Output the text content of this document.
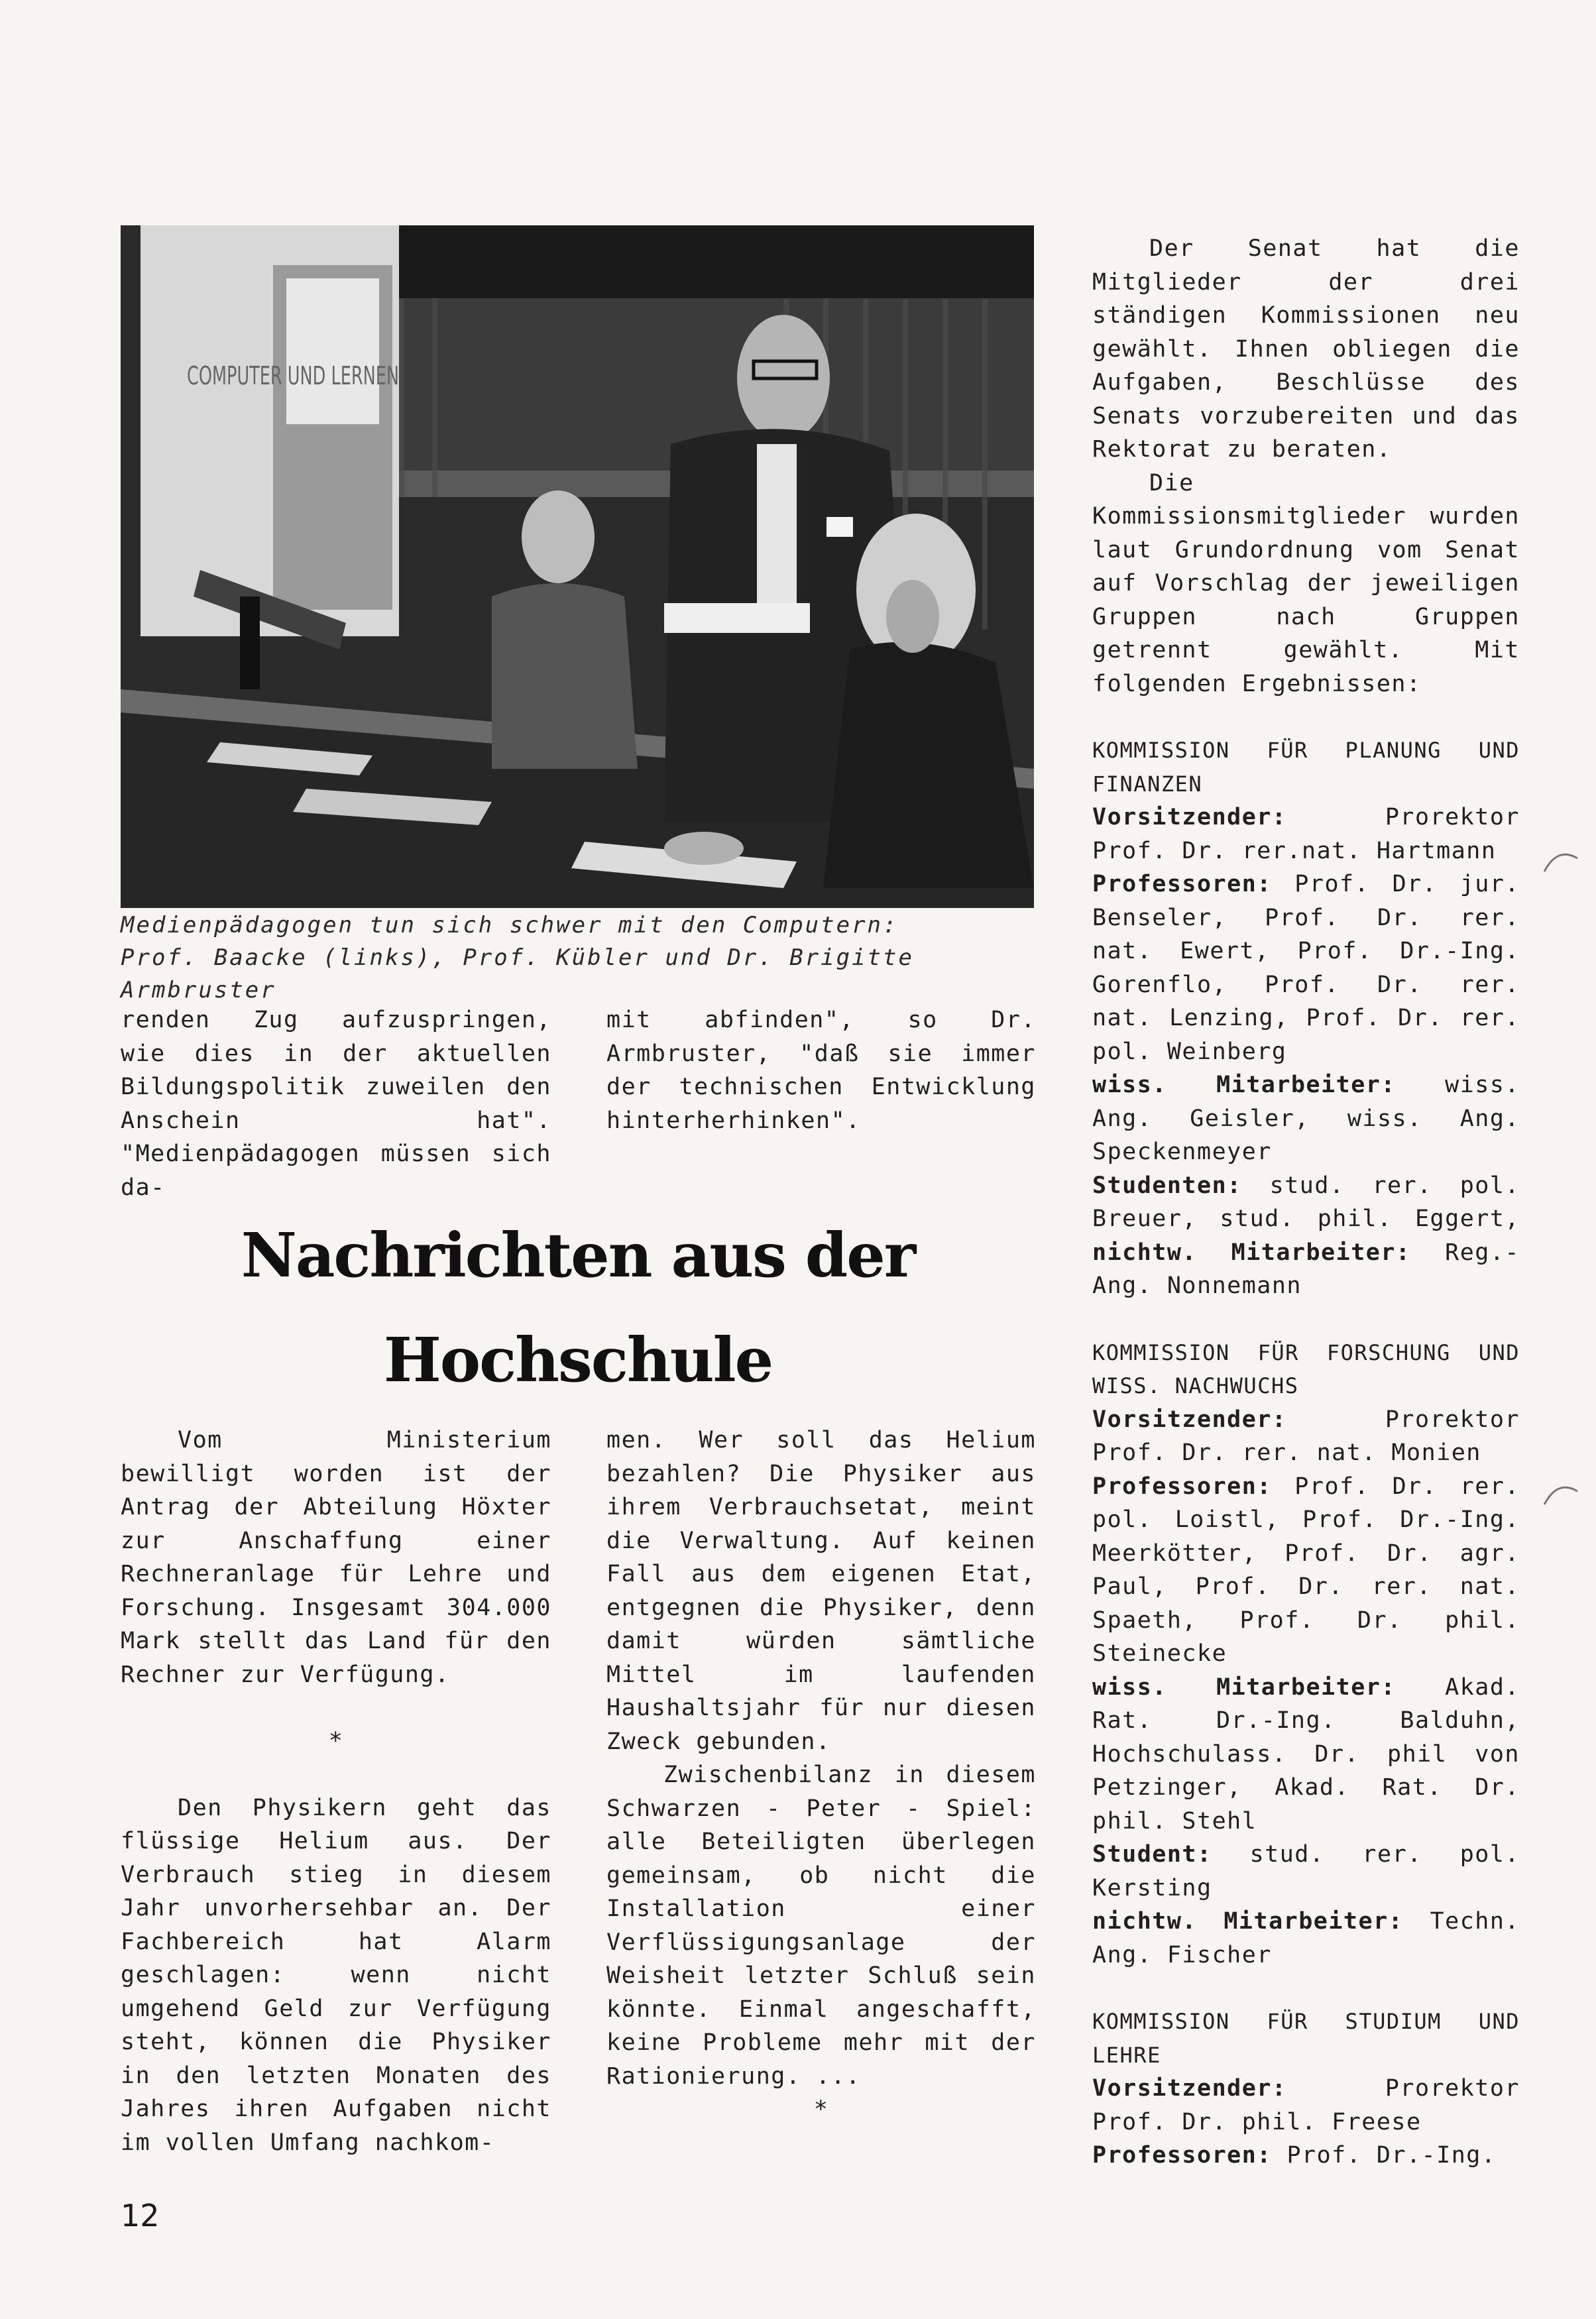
COMPUTER UND LERNEN
Medienpädagogen tun sich schwer mit den Computern:
Prof. Baacke (links), Prof. Kübler und Dr. Brigitte
Armbruster

renden Zug aufzuspringen, wie dies in der aktuellen Bildungspolitik zuweilen den Anschein hat". "Medienpädagogen müssen sich da-

mit abfinden", so Dr. Armbruster, "daß sie immer der technischen Entwicklung hinterherhinken".

Nachrichten aus der
Hochschule

Vom Ministerium bewilligt worden ist der Antrag der Abteilung Höxter zur Anschaffung einer Rechneranlage für Lehre und Forschung. Insgesamt 304.000 Mark stellt das Land für den Rechner zur Verfügung.

*

Den Physikern geht das flüssige Helium aus. Der Verbrauch stieg in diesem Jahr unvorhersehbar an. Der Fachbereich hat Alarm geschlagen: wenn nicht umgehend Geld zur Verfügung steht, können die Physiker in den letzten Monaten des Jahres ihren Aufgaben nicht im vollen Umfang nachkom-

men. Wer soll das Helium bezahlen? Die Physiker aus ihrem Verbrauchsetat, meint die Verwaltung. Auf keinen Fall aus dem eigenen Etat, entgegnen die Physiker, denn damit würden sämtliche Mittel im laufenden Haushaltsjahr für nur diesen Zweck gebunden.

Zwischenbilanz in diesem Schwarzen - Peter - Spiel: alle Beteiligten überlegen gemeinsam, ob nicht die Installation einer Verflüssigungsanlage der Weisheit letzter Schluß sein könnte. Einmal angeschafft, keine Probleme mehr mit der Rationierung. ...

*

Der Senat hat die Mitglieder der drei ständigen Kommissionen neu gewählt. Ihnen obliegen die Aufgaben, Beschlüsse des Senats vorzubereiten und das Rektorat zu beraten.

Die Kommissionsmitglieder wurden laut Grundordnung vom Senat auf Vorschlag der jeweiligen Gruppen nach Gruppen getrennt gewählt. Mit folgenden Ergebnissen:

KOMMISSION FÜR PLANUNG UND FINANZEN

Vorsitzender: Prorektor Prof. Dr. rer.nat. Hartmann

Professoren: Prof. Dr. jur. Benseler, Prof. Dr. rer. nat. Ewert, Prof. Dr.-Ing. Gorenflo, Prof. Dr. rer. nat. Lenzing, Prof. Dr. rer. pol. Weinberg

wiss. Mitarbeiter: wiss. Ang. Geisler, wiss. Ang. Speckenmeyer

Studenten: stud. rer. pol. Breuer, stud. phil. Eggert, nichtw. Mitarbeiter: Reg.-Ang. Nonnemann

KOMMISSION FÜR FORSCHUNG UND WISS. NACHWUCHS

Vorsitzender: Prorektor Prof. Dr. rer. nat. Monien

Professoren: Prof. Dr. rer. pol. Loistl, Prof. Dr.-Ing. Meerkötter, Prof. Dr. agr. Paul, Prof. Dr. rer. nat. Spaeth, Prof. Dr. phil. Steinecke

wiss. Mitarbeiter: Akad. Rat. Dr.-Ing. Balduhn, Hochschulass. Dr. phil von Petzinger, Akad. Rat. Dr. phil. Stehl

Student: stud. rer. pol. Kersting

nichtw. Mitarbeiter: Techn. Ang. Fischer

KOMMISSION FÜR STUDIUM UND LEHRE

Vorsitzender: Prorektor Prof. Dr. phil. Freese

Professoren: Prof. Dr.-Ing.

12
